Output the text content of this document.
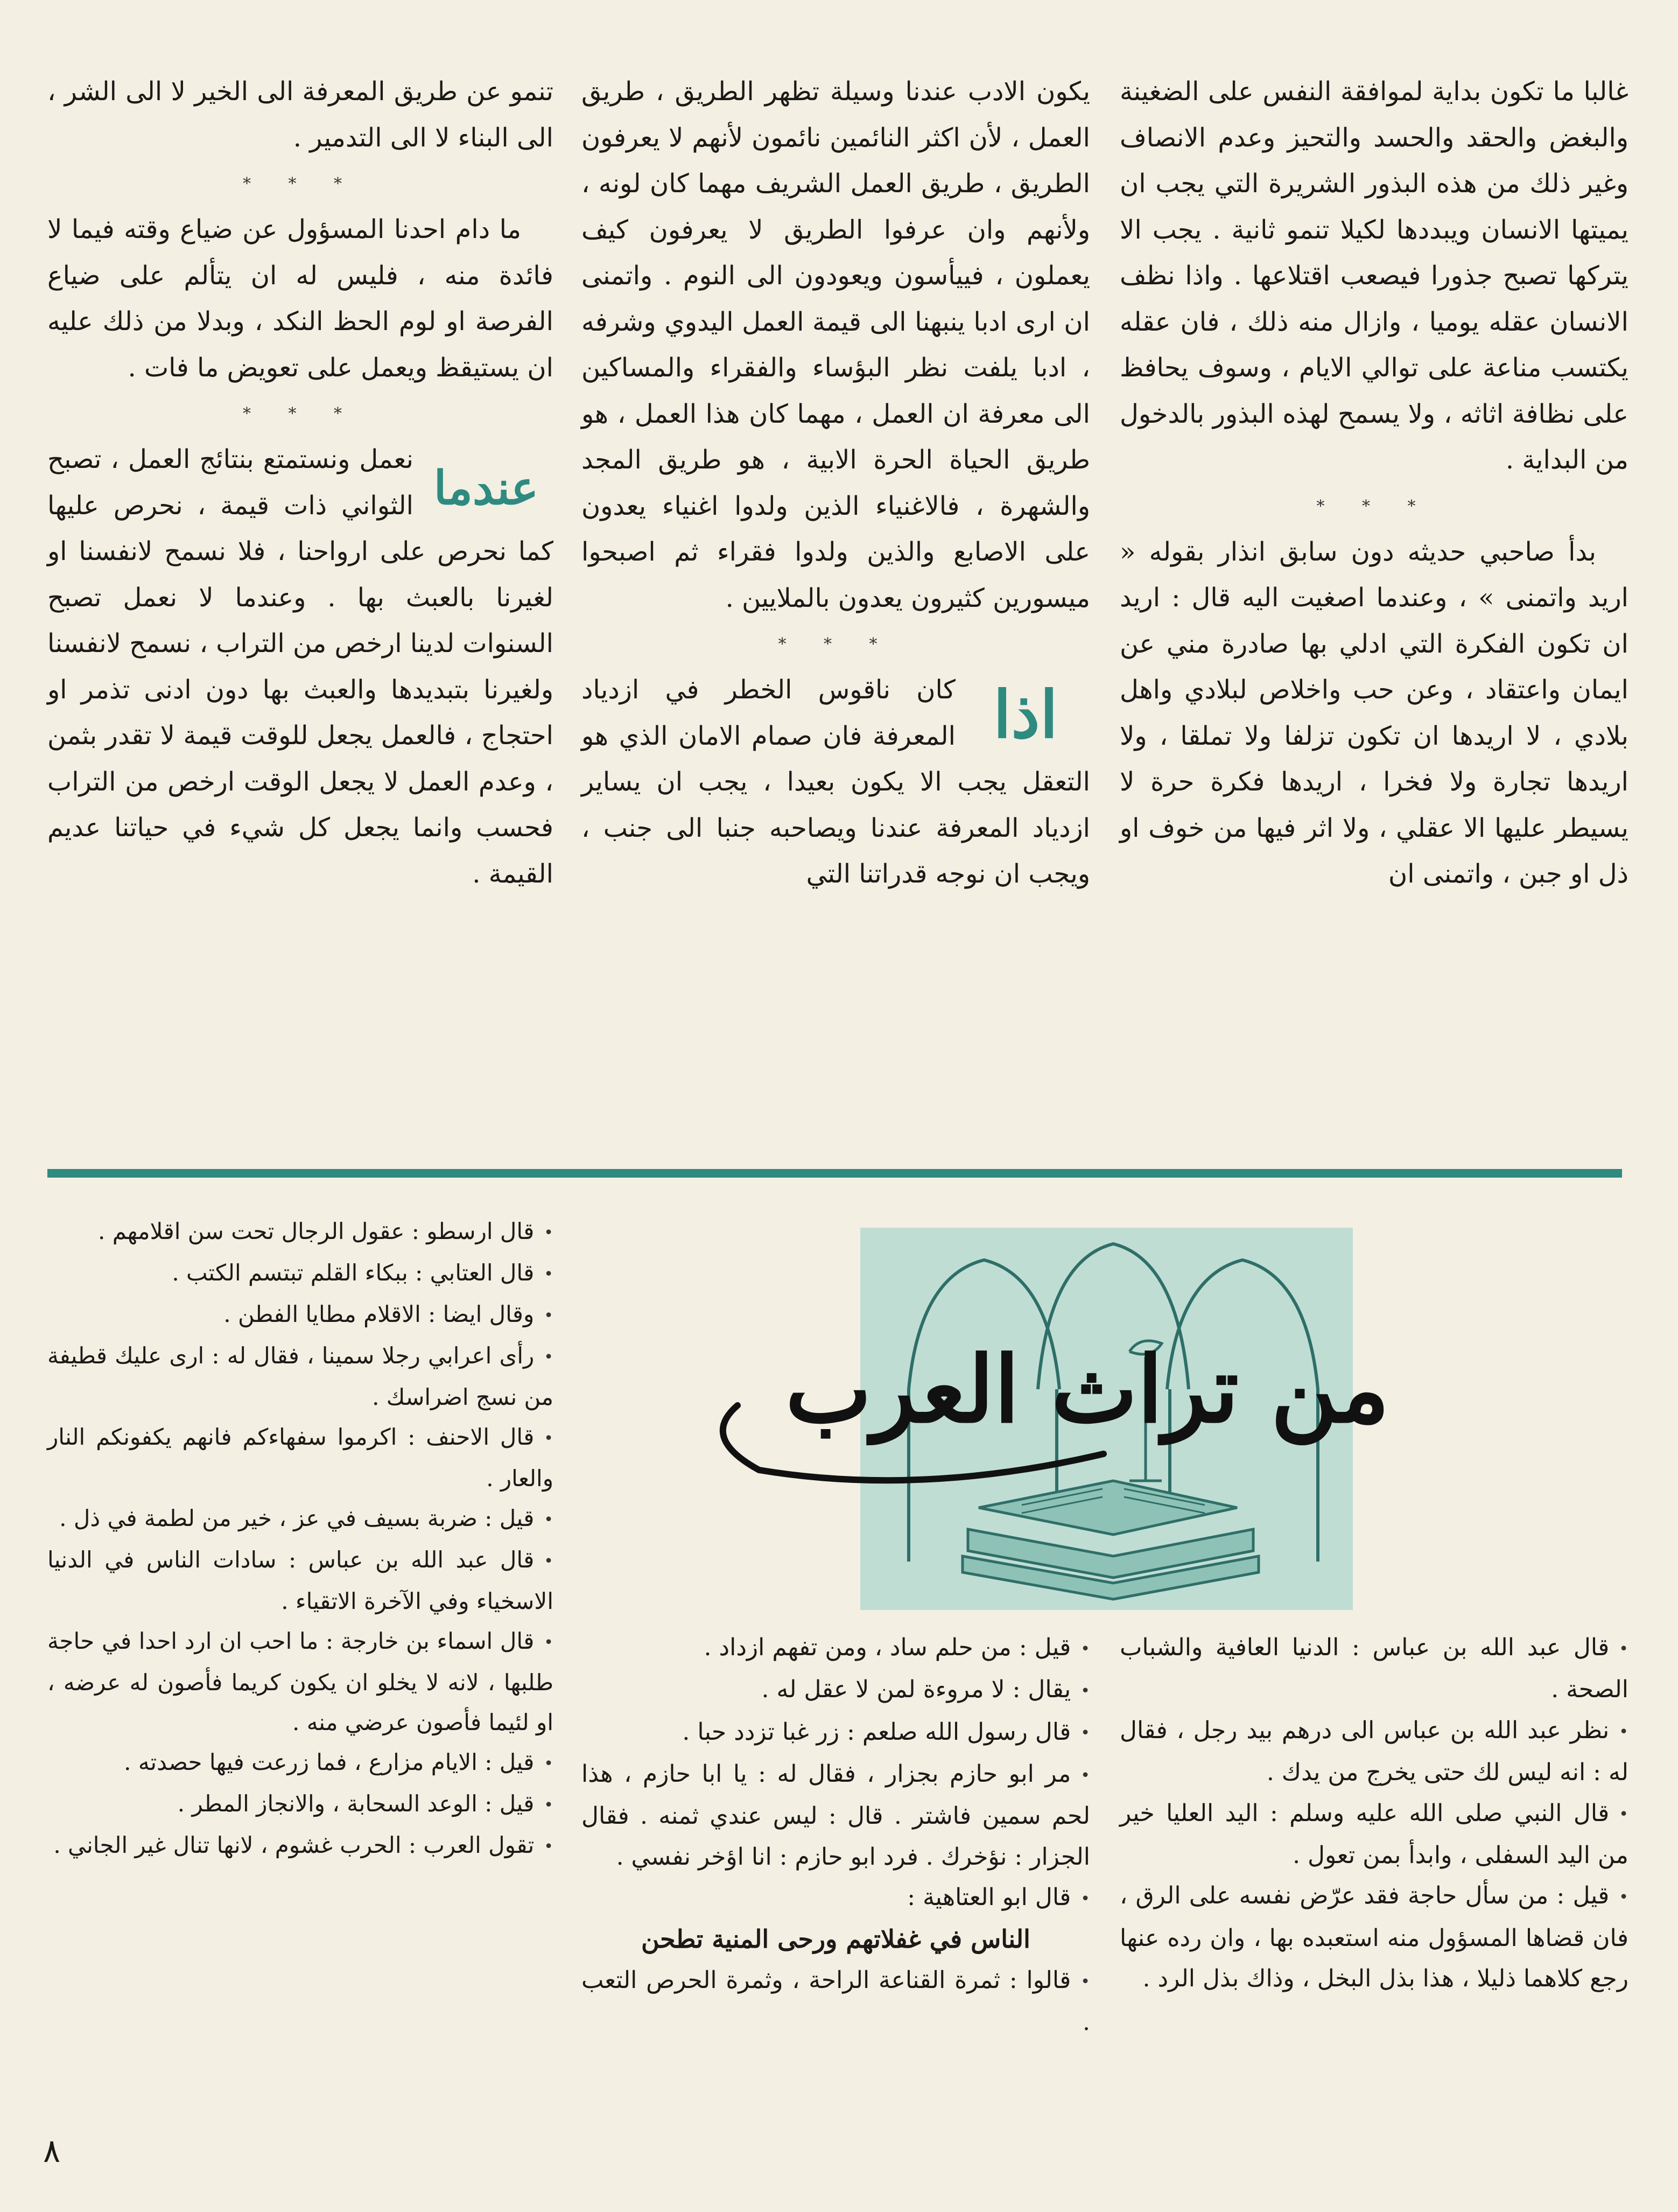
غالبا ما تكون بداية لموافقة النفس على الضغينة والبغض والحقد والحسد والتحيز وعدم الانصاف وغير ذلك من هذه البذور الشريرة التي يجب ان يميتها الانسان ويبددها لكيلا تنمو ثانية . يجب الا يتركها تصبح جذورا فيصعب اقتلاعها . واذا نظف الانسان عقله يوميا ، وازال منه ذلك ، فان عقله يكتسب مناعة على توالي الايام ، وسوف يحافظ على نظافة اثاثه ، ولا يسمح لهذه البذور بالدخول من البداية .

* * *

بدأ صاحبي حديثه دون سابق انذار بقوله « اريد واتمنى » ، وعندما اصغيت اليه قال : اريد ان تكون الفكرة التي ادلي بها صادرة مني عن ايمان واعتقاد ، وعن حب واخلاص لبلادي واهل بلادي ، لا اريدها ان تكون تزلفا ولا تملقا ، ولا اريدها تجارة ولا فخرا ، اريدها فكرة حرة لا يسيطر عليها الا عقلي ، ولا اثر فيها من خوف او ذل او جبن ، واتمنى ان

يكون الادب عندنا وسيلة تظهر الطريق ، طريق العمل ، لأن اكثر النائمين نائمون لأنهم لا يعرفون الطريق ، طريق العمل الشريف مهما كان لونه ، ولأنهم وان عرفوا الطريق لا يعرفون كيف يعملون ، فييأسون ويعودون الى النوم . واتمنى ان ارى ادبا ينبهنا الى قيمة العمل اليدوي وشرفه ، ادبا يلفت نظر البؤساء والفقراء والمساكين الى معرفة ان العمل ، مهما كان هذا العمل ، هو طريق الحياة الحرة الابية ، هو طريق المجد والشهرة ، فالاغنياء الذين ولدوا اغنياء يعدون على الاصابع والذين ولدوا فقراء ثم اصبحوا ميسورين كثيرون يعدون بالملايين .

* * *
اذا

كان ناقوس الخطر في ازدياد المعرفة فان صمام الامان الذي هو التعقل يجب الا يكون بعيدا ، يجب ان يساير ازدياد المعرفة عندنا ويصاحبه جنبا الى جنب ، ويجب ان نوجه قدراتنا التي

تنمو عن طريق المعرفة الى الخير لا الى الشر ، الى البناء لا الى التدمير .

* * *

ما دام احدنا المسؤول عن ضياع وقته فيما لا فائدة منه ، فليس له ان يتألم على ضياع الفرصة او لوم الحظ النكد ، وبدلا من ذلك عليه ان يستيقظ ويعمل على تعويض ما فات .

* * *
عندما

نعمل ونستمتع بنتائج العمل ، تصبح الثواني ذات قيمة ، نحرص عليها كما نحرص على ارواحنا ، فلا نسمح لانفسنا او لغيرنا بالعبث بها . وعندما لا نعمل تصبح السنوات لدينا ارخص من التراب ، نسمح لانفسنا ولغيرنا بتبديدها والعبث بها دون ادنى تذمر او احتجاج ، فالعمل يجعل للوقت قيمة لا تقدر بثمن ، وعدم العمل لا يجعل الوقت ارخص من التراب فحسب وانما يجعل كل شيء في حياتنا عديم القيمة .

من تراث العرب

•قال عبد الله بن عباس : الدنيا العافية والشباب الصحة .

•نظر عبد الله بن عباس الى درهم بيد رجل ، فقال له : انه ليس لك حتى يخرج من يدك .

•قال النبي صلى الله عليه وسلم : اليد العليا خير من اليد السفلى ، وابدأ بمن تعول .

•قيل : من سأل حاجة فقد عرّض نفسه على الرق ، فان قضاها المسؤول منه استعبده بها ، وان رده عنها رجع كلاهما ذليلا ، هذا بذل البخل ، وذاك بذل الرد .

•قيل : من حلم ساد ، ومن تفهم ازداد .

•يقال : لا مروءة لمن لا عقل له .

•قال رسول الله صلعم : زر غبا تزدد حبا .

•مر ابو حازم بجزار ، فقال له : يا ابا حازم ، هذا لحم سمين فاشتر . قال : ليس عندي ثمنه . فقال الجزار : نؤخرك . فرد ابو حازم : انا اؤخر نفسي .

•قال ابو العتاهية :

الناس في غفلاتهم ورحى المنية تطحن

•قالوا : ثمرة القناعة الراحة ، وثمرة الحرص التعب .

•قال ارسطو : عقول الرجال تحت سن اقلامهم .

•قال العتابي : ببكاء القلم تبتسم الكتب .

•وقال ايضا : الاقلام مطايا الفطن .

•رأى اعرابي رجلا سمينا ، فقال له : ارى عليك قطيفة من نسج اضراسك .

•قال الاحنف : اكرموا سفهاءكم فانهم يكفونكم النار والعار .

•قيل : ضربة بسيف في عز ، خير من لطمة في ذل .

•قال عبد الله بن عباس : سادات الناس في الدنيا الاسخياء وفي الآخرة الاتقياء .

•قال اسماء بن خارجة : ما احب ان ارد احدا في حاجة طلبها ، لانه لا يخلو ان يكون كريما فأصون له عرضه ، او لئيما فأصون عرضي منه .

•قيل : الايام مزارع ، فما زرعت فيها حصدته .

•قيل : الوعد السحابة ، والانجاز المطر .

•تقول العرب : الحرب غشوم ، لانها تنال غير الجاني .

٨
